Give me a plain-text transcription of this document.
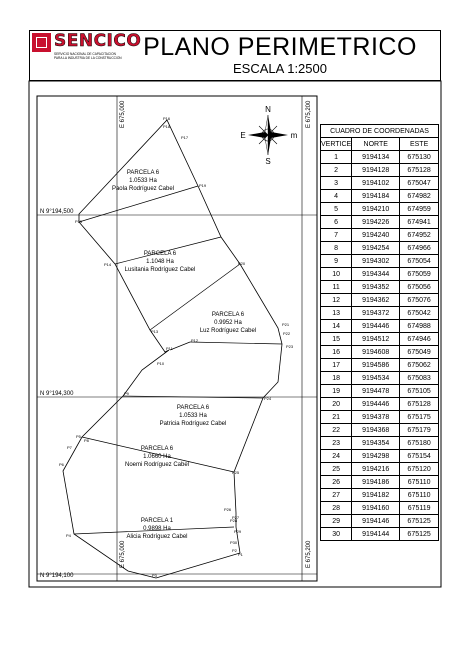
SENCICO
SERVICIO NACIONAL DE CAPACITACION
PARA LA INDUSTRIA DE LA CONSTRUCCION PLANO PERIMETRICO
ESCALA 1:2500
N 9°194,500
N 9°194,300
N 9°194,100
E 675,000
E 675,000
E 675,200
E 675,200
N
S
m
E
PARCELA 6
1.0533 Ha
Paola Rodríguez Cabel
PARCELA 6
1.1048 Ha
Lusitania Rodríguez Cabel
PARCELA 6
0.9952 Ha
Luz Rodríguez Cabel
PARCELA 6
1.0533 Ha
Patricia Rodríguez Cabel
PARCELA 6
1.0660 Ha
Noemi Rodríguez Cabel
PARCELA 1
0.9898 Ha
Alicia Rodríguez Cabel
P1
P2
P3
P4
P5
P6
P7
P8
P9
P10
P11
P12
P13
P14
P15
P16
P17
P18
P19
P20
P21
P22
P23
P24
P25
P26
P27
P28
P29
P30
CUADRO DE COORDENADAS		
VERTICE	NORTE	ESTE
1	9194134	675130
2	9194128	675128
3	9194102	675047
4	9194184	674982
5	9194210	674959
6	9194226	674941
7	9194240	674952
8	9194254	674966
9	9194302	675054
10	9194344	675059
11	9194352	675056
12	9194362	675076
13	9194372	675042
14	9194446	674988
15	9194512	674946
16	9194608	675049
17	9194586	675062
18	9194534	675083
19	9194478	675105
20	9194446	675128
21	9194378	675175
22	9194368	675179
23	9194354	675180
24	9194298	675154
25	9194216	675120
26	9194186	675110
27	9194182	675110
28	9194160	675119
29	9194146	675125
30	9194144	675125
